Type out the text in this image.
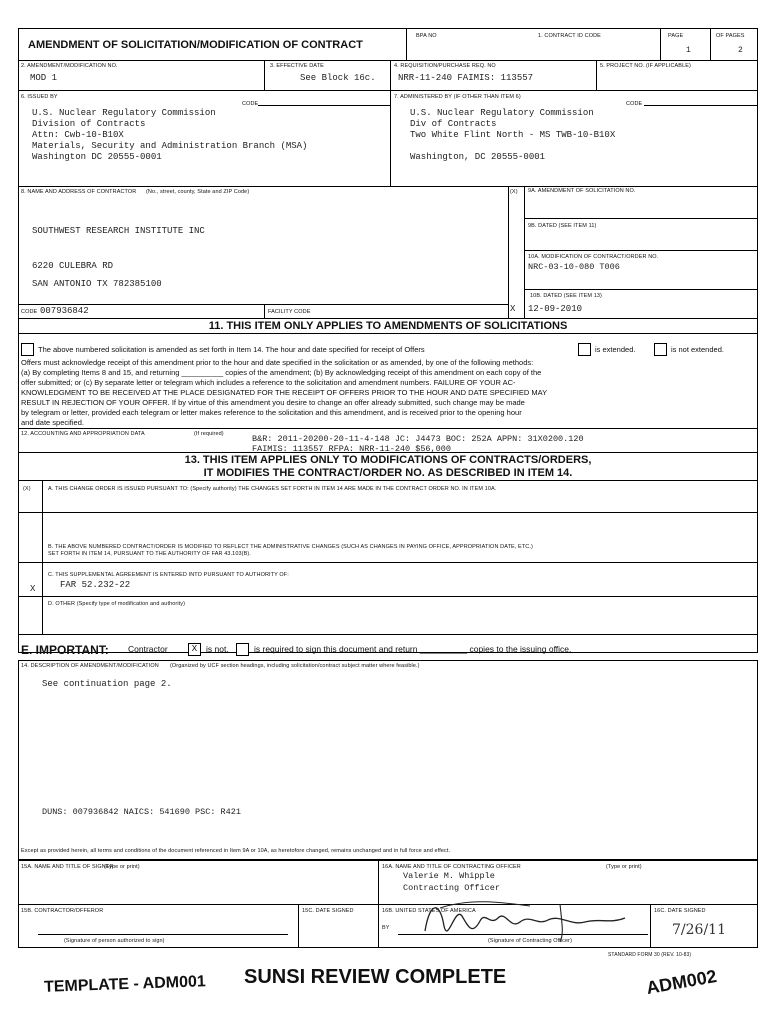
AMENDMENT OF SOLICITATION/MODIFICATION OF CONTRACT
BPA NO	1. CONTRACT ID CODE	PAGE	OF PAGES
1	2
2. AMENDMENT/MODIFICATION NO.
MOD 1
3. EFFECTIVE DATE
See Block 16c.
4. REQUISITION/PURCHASE REQ. NO
NRR-11-240 FAIMIS: 113557
5. PROJECT NO. (IF APPLICABLE)
6. ISSUED BY
CODE
U.S. Nuclear Regulatory Commission
Division of Contracts
Attn: Cwb-10-B10X
Materials, Security and Administration Branch (MSA)
Washington DC 20555-0001
7. ADMINISTERED BY (IF OTHER THAN ITEM 6)
CODE
U.S. Nuclear Regulatory Commission
Div of Contracts
Two White Flint North - MS TWB-10-B10X
Washington, DC 20555-0001
8. NAME AND ADDRESS OF CONTRACTOR (No., street, county, State and ZIP Code)
SOUTHWEST RESEARCH INSTITUTE INC
6220 CULEBRA RD
SAN ANTONIO TX 782385100
CODE 007936842	FACILITY CODE
(X) 9A. AMENDMENT OF SOLICITATION NO.
9B. DATED (SEE ITEM 11)
10A. MODIFICATION OF CONTRACT/ORDER NO.
NRC-03-10-080 T006
10B. DATED (SEE ITEM 13)
X 12-09-2010
11. THIS ITEM ONLY APPLIES TO AMENDMENTS OF SOLICITATIONS
The above numbered solicitation is amended as set forth in Item 14. The hour and date specified for receipt of Offers	is extended.	is not extended.
Offers must acknowledge receipt of this amendment prior to the hour and date specified in the solicitation or as amended, by one of the following methods:
(a) By completing Items 8 and 15, and returning __________ copies of the amendment; (b) By acknowledging receipt of this amendment on each copy of the
offer submitted; or (c) By separate letter or telegram which includes a reference to the solicitation and amendment numbers. FAILURE OF YOUR AC-
KNOWLEDGMENT TO BE RECEIVED AT THE PLACE DESIGNATED FOR THE RECEIPT OF OFFERS PRIOR TO THE HOUR AND DATE SPECIFIED MAY
RESULT IN REJECTION OF YOUR OFFER. If by virtue of this amendment you desire to change an offer already submitted, such change may be made
by telegram or letter, provided each telegram or letter makes reference to the solicitation and this amendment, and is received prior to the opening hour
and date specified.
12. ACCOUNTING AND APPROPRIATION DATA	(If required)	B&R: 2011-20200-20-11-4-148 JC: J4473 BOC: 252A APPN: 31X0200.120
FAIMIS: 113557 RFPA: NRR-11-240 $56,000
13. THIS ITEM APPLIES ONLY TO MODIFICATIONS OF CONTRACTS/ORDERS,
IT MODIFIES THE CONTRACT/ORDER NO. AS DESCRIBED IN ITEM 14.
(X)	A. THIS CHANGE ORDER IS ISSUED PURSUANT TO: (Specify authority) THE CHANGES SET FORTH IN ITEM 14 ARE MADE IN THE CONTRACT ORDER NO. IN ITEM 10A.
B. THE ABOVE NUMBERED CONTRACT/ORDER IS MODIFIED TO REFLECT THE ADMINISTRATIVE CHANGES (SUCH AS CHANGES IN PAYING OFFICE, APPROPRIATION DATE, ETC.)
SET FORTH IN ITEM 14, PURSUANT TO THE AUTHORITY OF FAR 43.103(B).
C. THIS SUPPLEMENTAL AGREEMENT IS ENTERED INTO PURSUANT TO AUTHORITY OF:
X	FAR 52.232-22
D. OTHER (Specify type of modification and authority)
E. IMPORTANT: Contractor	X	is not,	is required to sign this document and return __________ copies to the issuing office.
14. DESCRIPTION OF AMENDMENT/MODIFICATION (Organized by UCF section headings, including solicitation/contract subject matter where feasible.)
See continuation page 2.
DUNS: 007936842 NAICS: 541690 PSC: R421
Except as provided herein, all terms and conditions of the document referenced in Item 9A or 10A, as heretofore changed, remains unchanged and in full force and effect.
15A. NAME AND TITLE OF SIGNER
(Type or print)	16A. NAME AND TITLE OF CONTRACTING OFFICER	(Type or print)
Valerie M. Whipple
Contracting Officer
15B. CONTRACTOR/OFFEROR	15C. DATE SIGNED
(Signature of person authorized to sign)
16B. UNITED STATES OF AMERICA
BY
(Signature of Contracting Officer)
16C. DATE SIGNED
7/26/11
STANDARD FORM 30 (REV. 10-83)
TEMPLATE - ADM001 SUNSI REVIEW COMPLETE	ADM002
